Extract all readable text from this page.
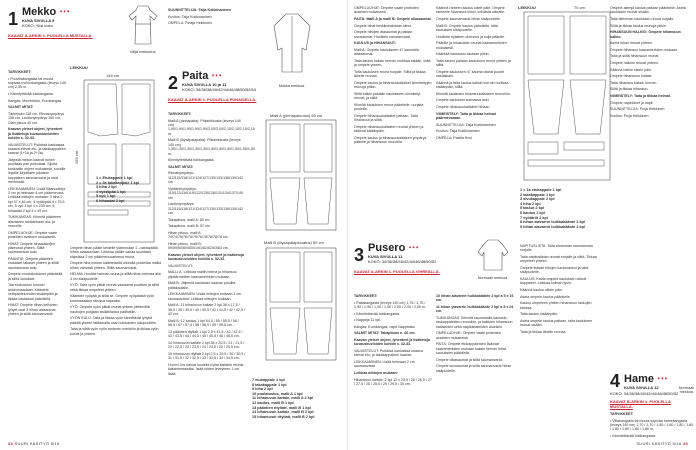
1 Mekko ∙∙∙
KUVA SIVULLA 5
KOKO: Yksi koko
KAAVAT A-ARKIN 1. PUOLELLA MUSTALLA.
Väljä mekkotus.

TARVIKKEET:

• Puuvillakangasta tai muuta sopivaa mekkokangasta (leveys 145 cm) 2,55 m.

• Kiinnityttävää tukikangasta.

Kangas: Morrinekko, Eurokangas.

VALMIT MITAT:

Tärkeysko 118 cm, Rinnanympärys 158 cm, Lantionympärys 160 cm, Olan pituus 40 cm.

Kaavan yleiset ohjeet, lyhenteet ja lisätietoja kuvauskuvioiden kohtiin s. 32-33.

VALMISTELUT: Poikkisä kankaissa osaava etevat etu- ja takakappaleen kaavat (1+1a ja 2+2a).

Järjestä mekon kaavat toinen puolilaas pari puikulaas. Sijoita kankaalle ohjeet mukaisesti, suorille linjoille kirjoittaen jokaisen kappaleen saumanvarat ja osat merkinnät.

LEIKKAAMINEN: Lisää filkanuotteja 3 cm ja helmaan 4 cm päärmevara. Leikkaa mittojen mukaan: 3 hiha 2 kpl 57 x 46 cm, 4 vyötöpää 4 x 75,5 cm, 5 vyö 1 kpl 4 x 235 cm, 6 hihaadat 2 kpl 4 x 49 cm.

TUKIKANGAS: Kiinnitä päänteen alavaiosin tukikankaan ala- ja reunoille.

OMPELUOHJE: Ompele vaate pinteiden avaimen mukaisesti.

HIHAT: Ompele hihaaukkojen yläreunat yhteen. Silitä saumanvarat auki.

PÄÄNTIE: Ompele pääntien mukaiset takaset yhteen ja silitä saumanvarat auki.

Ompele muotoluotokset pääntiellä ja silitä luotukset.

Taa etukuvioon kuinnin aukkomaadaan. Kääntele vetäpäntekohdan sisäänpäin ja tikkaa vastaavat pääntiellä.

HIHAT: Ompele hihan kelluvien lyhyet osat 3 hihan alasaumat yhteen ja silitä saumanvarat.

LEIKKUU
145 cm
255 cm
1 = Etukappale 1 kpl
2 = 2a takakappale 1 kpl
3 hiha 2 kpl
4 vyötöpää 1 kpl
5 vyö 1 kpl
6 hihaadat 2 kpl

Ompele hihan pääle kestelle yläreunaan 1 –vastapäätä hihan alasaumaan. Leikkaa päälle vahaa suuntaan napsikaa 2 cm päärmenuvarinesa reuna.

Ompele hiha mekon käänteisellä oikealla puolellaa mallia hihan vahvasti yhteen. Silitä saumanvarat.

HELMA: Huolitte helman reuna ja silitä hihan helmaa alla 4 cm sisäpuolelle.

VYÖ: Taita vyön pitkät reunat vastaavat puoliiset ja silitä sekä tikkaa ompeleet yhteen.

Kääntele vyöpää ja silitä se. Ompele vyöpäästä vyön kummassakin sivussa kapeaksi.

VYÖ: Ompele vyön pitkät reunat yhteen jättämällä nauhojen pohjaan sisääntaotot pääfotkiin.

VYÖN KULU: Taita ja tikkaa vyön kiinnittävät lyhyitä paleitä yhteen taittamalla osan kankaiden ulkopuolelle.

Taita ja silitä vyön vyön avoimen merkkiin ja tikkaa vyön kuluts ja yhteen.

2 Paita ∙∙∙
KUVA SIVULLA 10 ja 11
KOKO: 34/36/38/40/42/44/46/48/50/52/54
KAAVAT A-ARKIN 1. PUOLELLA PUNAISELLA.
Mukka mekkoa.

SUUNNITTELIJA: Talja Kokkinaninen

Kuvitus: Talja Kokkinaninen

OMPELU: Pinaja Heikkinen

TARVIKKEET:

Malli A (pinnapaita): Pöksirikkusta (leveys 140 cm) 1,90/1,90/1,90/1,90/1,90/2,00/2,00/2,10/2,10/2,10/2,10 m.

Malli B (löysäpalapaita): Pöksirikkusta (leveys 140 cm) 1,30/1,30/1,30/1,30/1,30/1,40/1,40/1,40/1,50/1,50/1,50 m.

Kiinnitytettävää tukikangasta.

VALMIT MITAT:

Rinnanympärys: 112/115/118/121/124/127/130/133/136/139/142 cm

Vyötärönympärys: 110/113/116/119/122/125/128/131/134/137/140 cm

Lantionympärys: 112/115/118/121/124/127/130/133/136/139/142 cm

Takapituus, malli A: 60 cm

Takapituus, malli B: 57 cm

Hihan pituus, malli A: 74/74/76/76/76/76/76/78/78/78/78 cm

Hihan pituus, malli B: 59/59/60/60/60/61/61/62/62/63/63 cm

Kaavan yleiset ohjeet, lyhenteet ja lisätietoja kuvauskuvioiden kohtiin s. 32-33.

VALMISTELUT:

MALLI A: Leikkaa maltin helma ja hihansuu ylipäärmeiden kaavamerkkien mukaan.

Malli B: Jäljennä kaulaosio kaavan puolilta paitakaulalle.

LEIKKAAMINEN: Lisää mittojen mukaan 1 cm saumanvarat. Leikkaa mittojen mukaan.

Malli A: 11 hihanuvun kaitale 2 kpl 38 x 17,5 / 38,5 / 39 / 39,5 / 40 / 40,5 / 41 / 41,5 / 42 / 42,5 / 43 cm.

Malli B: 12 kaulus 1 kpl 54,5 / 55 / 55,5 / 56 / 56,5 / 57 / 57,5 / 58 / 58,5 / 59 / 59,5 cm.

13 pääntien rityliatt 1 kpl 2,5 x 41,5 / 42 / 42,5 / 43 / 43,5 / 44 / 44,5 / 45 / 45,5 / 46 / 46,5 cm.

14 hihanuvun kaitale 2 kpl 38 x 20,5 / 21 / 21,5 / 22 / 22,5 / 23 / 23,5 / 24 / 24,5 / 25 / 25,5 cm.

15 hihanuvun rityliatt 2 kpl 2,5 x 29,5 / 30 / 30,5 / 31 / 31,5 / 32 / 32,5 / 33 / 33,5 / 34 / 34,5 cm.

Huom! Jos haluat huolella riyliat kaitalen reunat kaksinkertaisiksi, lisää niiden leveyteen 1 cm lisää.

Malli A (pinnapainotus) 50 cm
Malli B (löysäpalapinnatus) 50 cm
7 etukappale 1 kpl
8 takakappale 1 kpl
9 hiha 2 kpl
10 puolatuslus, malli A 1 kpl
11 hihanuvun kaitale, malli A 2 kpl
12 kaulus, malli B 1 kpl
13 pääntien rityliatt, malli B 1 kpl
14 hihanuvun kaitale, malli B 2 kpl
15 hihanuvun rityliatt, malli B 2 kpl
34 SUURI KÄSITYÖ 5/16

OMPELUOHJE: Ompele vaate pinteiden avaimen mukaisesti.

PAITA: Malli A ja malli B: Ompele olkasaumat.

Ompele hihat keskikohdistaan kiinni.

Ompele hihojen alasaumat ja paidan sivusaumat. Huolitele saumanvarat.

KAULUS ja HIHANSUUT:

Malli A: Ompele kaulukseen 47 saumalla alassaumat.

Taita kaulus kaksin kerroin nurkkaa sisään, silitä ja ompele yhteen.

Taita kauluksen reuna nurjalle. Silitä ja tikkaa lähelle reunaa.

Ompele kaulus ja hihansuukaitaleet kiinnitettyjen reunoja pitkin.

Silitä kaikki paidalle kaulukseen kiinnitetyt reunat, ja silitä.

Kiinnitä kauluksen reuna pääntielle, nurjalta puolelta.

Ompele hihansuukaitaleet paitaan. Taita hihansuut ja silitä.

Ompele hihansuukaitaleen reunat yhteen ja käännä sisäänpäin.

Ompele kaulus ja hihansuukaitaleen ympärys pääntie ja hihansuun reunoilla.

Käännä ranteen kaulus oikeit päin. Ompele ranteelle hihansuut kiinni, kohdista oikealle.

Ompele saumanvarat hihan sisäpuolelle.

Malli B: Ompele kaulus pääntielle, taita kauluksen sisäpuolelle.

Huolitele riyliatten ohennus ja sulje pääntie.

Pääntie ja hihasuiden reunat kaavamerkkien mukaisesti.

Kääntää kaulaosio kaulaan pitkin.

Taita kaulus paitaan kauluksen reuna yhteen ja silitä.

Ompele kauluksen 47 sauma oikeat puolet vastakkain.

Käännä ja taita kaulus kaksin kerroin nurkkaa sisäänpäin, silitä.

Kiinnitä kaulaosio hihansuukaitaleen reunoihin.

Ompele kaulukset kulmassa auki.

Ompele hihansuukaitaleet hihaan.

VIIMEISTELY: Taita ja tikkaa helmat päärmevaraan.

SUUNNITTELIJA: Taija Kokkinaninen

Kuvitus: Taija Kokkinaninen

OMPELU: Pasilla Hovi

3 Pusero ∙∙∙
KUVA SIVULLA 11
KOKO: 34/36/38/40/42/44/46/48/50/52
KAAVAT A-ARKIN 1. PUOLELLA VIHREÄLLÄ.
Normaali mekkoa.

TARVIKKEET:

• Paitakangasta (leveys 140 cm) 1,75 / 1,75 / 1,90 / 1,90 / 1,90 / 1,90 / 2,00 / 2,00 / 2,00 m.

• Kiinnitettävää tukikangasta.

• Nappeja 11 kpl.

Kangas: Eurokangas, napit Napptosta.

VALMIT MITAT: Takapituus n. 66 cm.

Kaavan yleiset ohjeet, lyhenteet ja lisätietoja kuvauskuvioiden kohtiin s. 32-33.

VALMISTELUT: Poikkisä kankaissa osaava etevat etu- ja takakappaleen kaavat.

LEIKKAAMINEN: Lisää helmaan 2 cm saumanvarat.

Leikkaa mittojen mukaan:

Hihansuun kaitale: 2 kpl 12 x 25,5 / 26 / 26,5 / 27 / 27,5 / 28 / 28,5 / 29 / 29,5 / 30 cm.

10 hihan alavarrin hulkkakäänte 2 kpl a 5 x 16 cm.

11 hihan ylavarrin hulkkakäänte 2 kpl a 5 x 24 cm.

TUKIKANGAS: Kiinnitä saumanalla kaulusin, etukappaleiden reunoihin, ja kaikkien hihansuun kaitaleiden sekä napitustaiteiden alueisiin.

OMPELUOHJE: Ompele vaate pinteiden avaimen mukaisesti.

PAITA: Ompele etukappaleiden lisäosat kaavamerkkien mukaan kaksin kerroin hihat kauluksien pääntielle.

Ompele olkasaumat ja silitä saumanvarat.

Ompele sivusaumat ja silitä saumanvarat hihan sisäpuolelle.

LEIKKUU	70 cm
1 = 1a etukappale 1 kpl
2 takakappale 1 kpl
3 sivukappale 2 kpl
4 hiha 2 kpl
5 taskut 2 kpl
6 kaulus 1 kpl
7 vyötäröt 2 kpl
8 hihan alavarrin hulkkakäänte 2 kpl
9 hihan alavarrin hulkkakäänte 2 kpl

NAPITUSLISTA: Taita etureunan saumanvara nurjalle.

Taita napituslistan reunat nurjalle ja silitä. Tikkaa ompeleet yhteen.

Ompele listaan hihojen kaulusaukot ja taita sisäpuolelle.

KAULUS: Kaula ompele kauluksen oikeat kappaleet. Leikkaa kulmat hyvin.

Käännä kaulus oikein päin.

Aseta ompele kaulus pääntielle.

Kaulus ompeleen yhteen hihansuun taskujen kanssa.

Taita kaulus sisäänpäin.

Aseta ompele kaulus paitaan, taita kauluksen reunat sisään.

Taita ja tikkaa lähelle reunaa.

Ompele alempi kaulus paitaan pääntielle. Aseta kauluksen reunat sisään.

Taita alemman kauluksen reuna nurjalle.

Silitä ja tikkaa kaulus reunoja pitkin.

HIHANSUUN HALKIO: Ompele hihansuun halkio.

Aseta hihan reunat yhteen.

Ompele hihansuu kaavamerkkien mukaan.

Taita ja silitä hihansuun reunat.

Ompele halkion reunat yhteen.

Käännä halkio oikein päin.

Ompele hihansuun kaitale.

Taita hihansuu kaksin kerroin.

Silitä ja tikkaa hihansuu.

VIIMEISTELY: Taita ja tikkaa helmat.

Ompele napinlävet ja napit.

SUUNNITTELIJA: Pinja Heikkinen

Kuvitus: Pinja Heikkinen

4 Hame ∙∙∙
KUVA SIVULLA 12
KOKO: 34/36/38/40/42/44/46/48/50/52
KAAVAT B-ARKIN 1. PUOLELLA MUSTALLA.

TARVIKKEET:

• Villakangasta tai muuta sopivaa hamekangasta (leveys 140 cm) 1,70 / 1,70 / 1,80 / 1,80 / 1,80 / 1,80 / 1,80 / 1,80 / 1,80 / 1,80 m.

• Kiinnitettävää tukikangasta.

Normaali mekkoa.
SUURI KÄSITYÖ 5/16 35
